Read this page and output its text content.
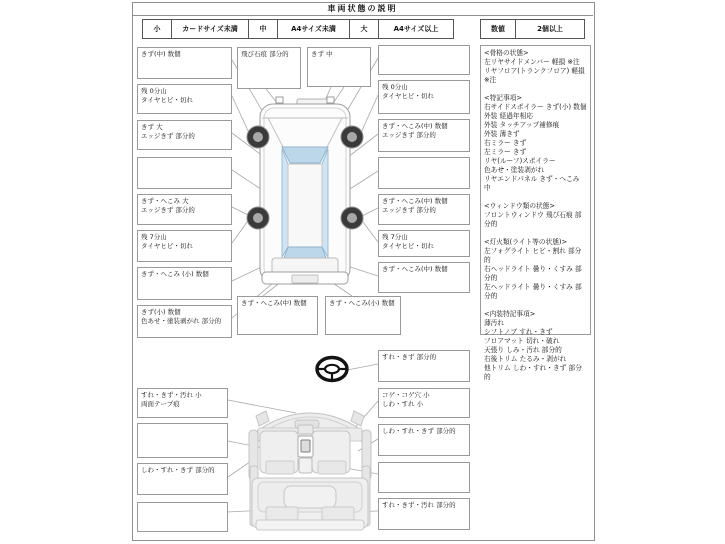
車両状態の説明
小	カードサイズ未満	中	A4サイズ未満	大	A4サイズ以上	数値	2個以上
きず(中) 数個
残 0分山
タイヤヒビ・切れ
きず 大
エッジきず 部分的
きず・へこみ 大
エッジきず 部分的
残 7分山
タイヤヒビ・切れ
きず・へこみ (小) 数個
きず(小) 数個
色あせ・塗装剥がれ 部分的
飛び石痕 部分的	きず 中
残 0分山
タイヤヒビ・切れ
きず・へこみ(中) 数個
エッジきず 部分的
きず・へこみ(中) 数個
エッジきず 部分的
残 7分山
タイヤヒビ・切れ
きず・へこみ(中) 数個
きず・へこみ(中) 数個	きず・へこみ(小) 数個
<骨格の状態>
左リヤサイドメンバー 軽損 ※注
リヤフロア(トランクフロア) 軽損
※注
<特記事項>
右サイドスポイラー きず(小) 数個
外装 経過年相応
外装 タッチアップ補修痕
外装 薄きず
右ミラー きず
左ミラー きず
リヤ(ルーフ)スポイラー
色あせ・塗装剥がれ
リヤエンドパネル きず・へこみ 中
<ウィンドウ類の状態>
フロントウィンドウ 飛び石痕 部分的
<灯火類(ライト等の状態)>
左フォグライト ヒビ・割れ 部分的
右ヘッドライト 曇り・くすみ 部分的
左ヘッドライト 曇り・くすみ 部分的
<内装特記事項>
薄汚れ
シフトノブ すれ・きず
フロアマット 切れ・破れ
天張り しみ・汚れ 部分的
右後トリム たるみ・剥がれ
他トリム しわ・すれ・きず 部分的
すれ・きず・汚れ 小
両面テープ痕
しわ・すれ・きず 部分的
すれ・きず 部分的
コゲ・コゲ穴 小
しわ・すれ 小
しわ・すれ・きず 部分的
すれ・きず・汚れ 部分的
